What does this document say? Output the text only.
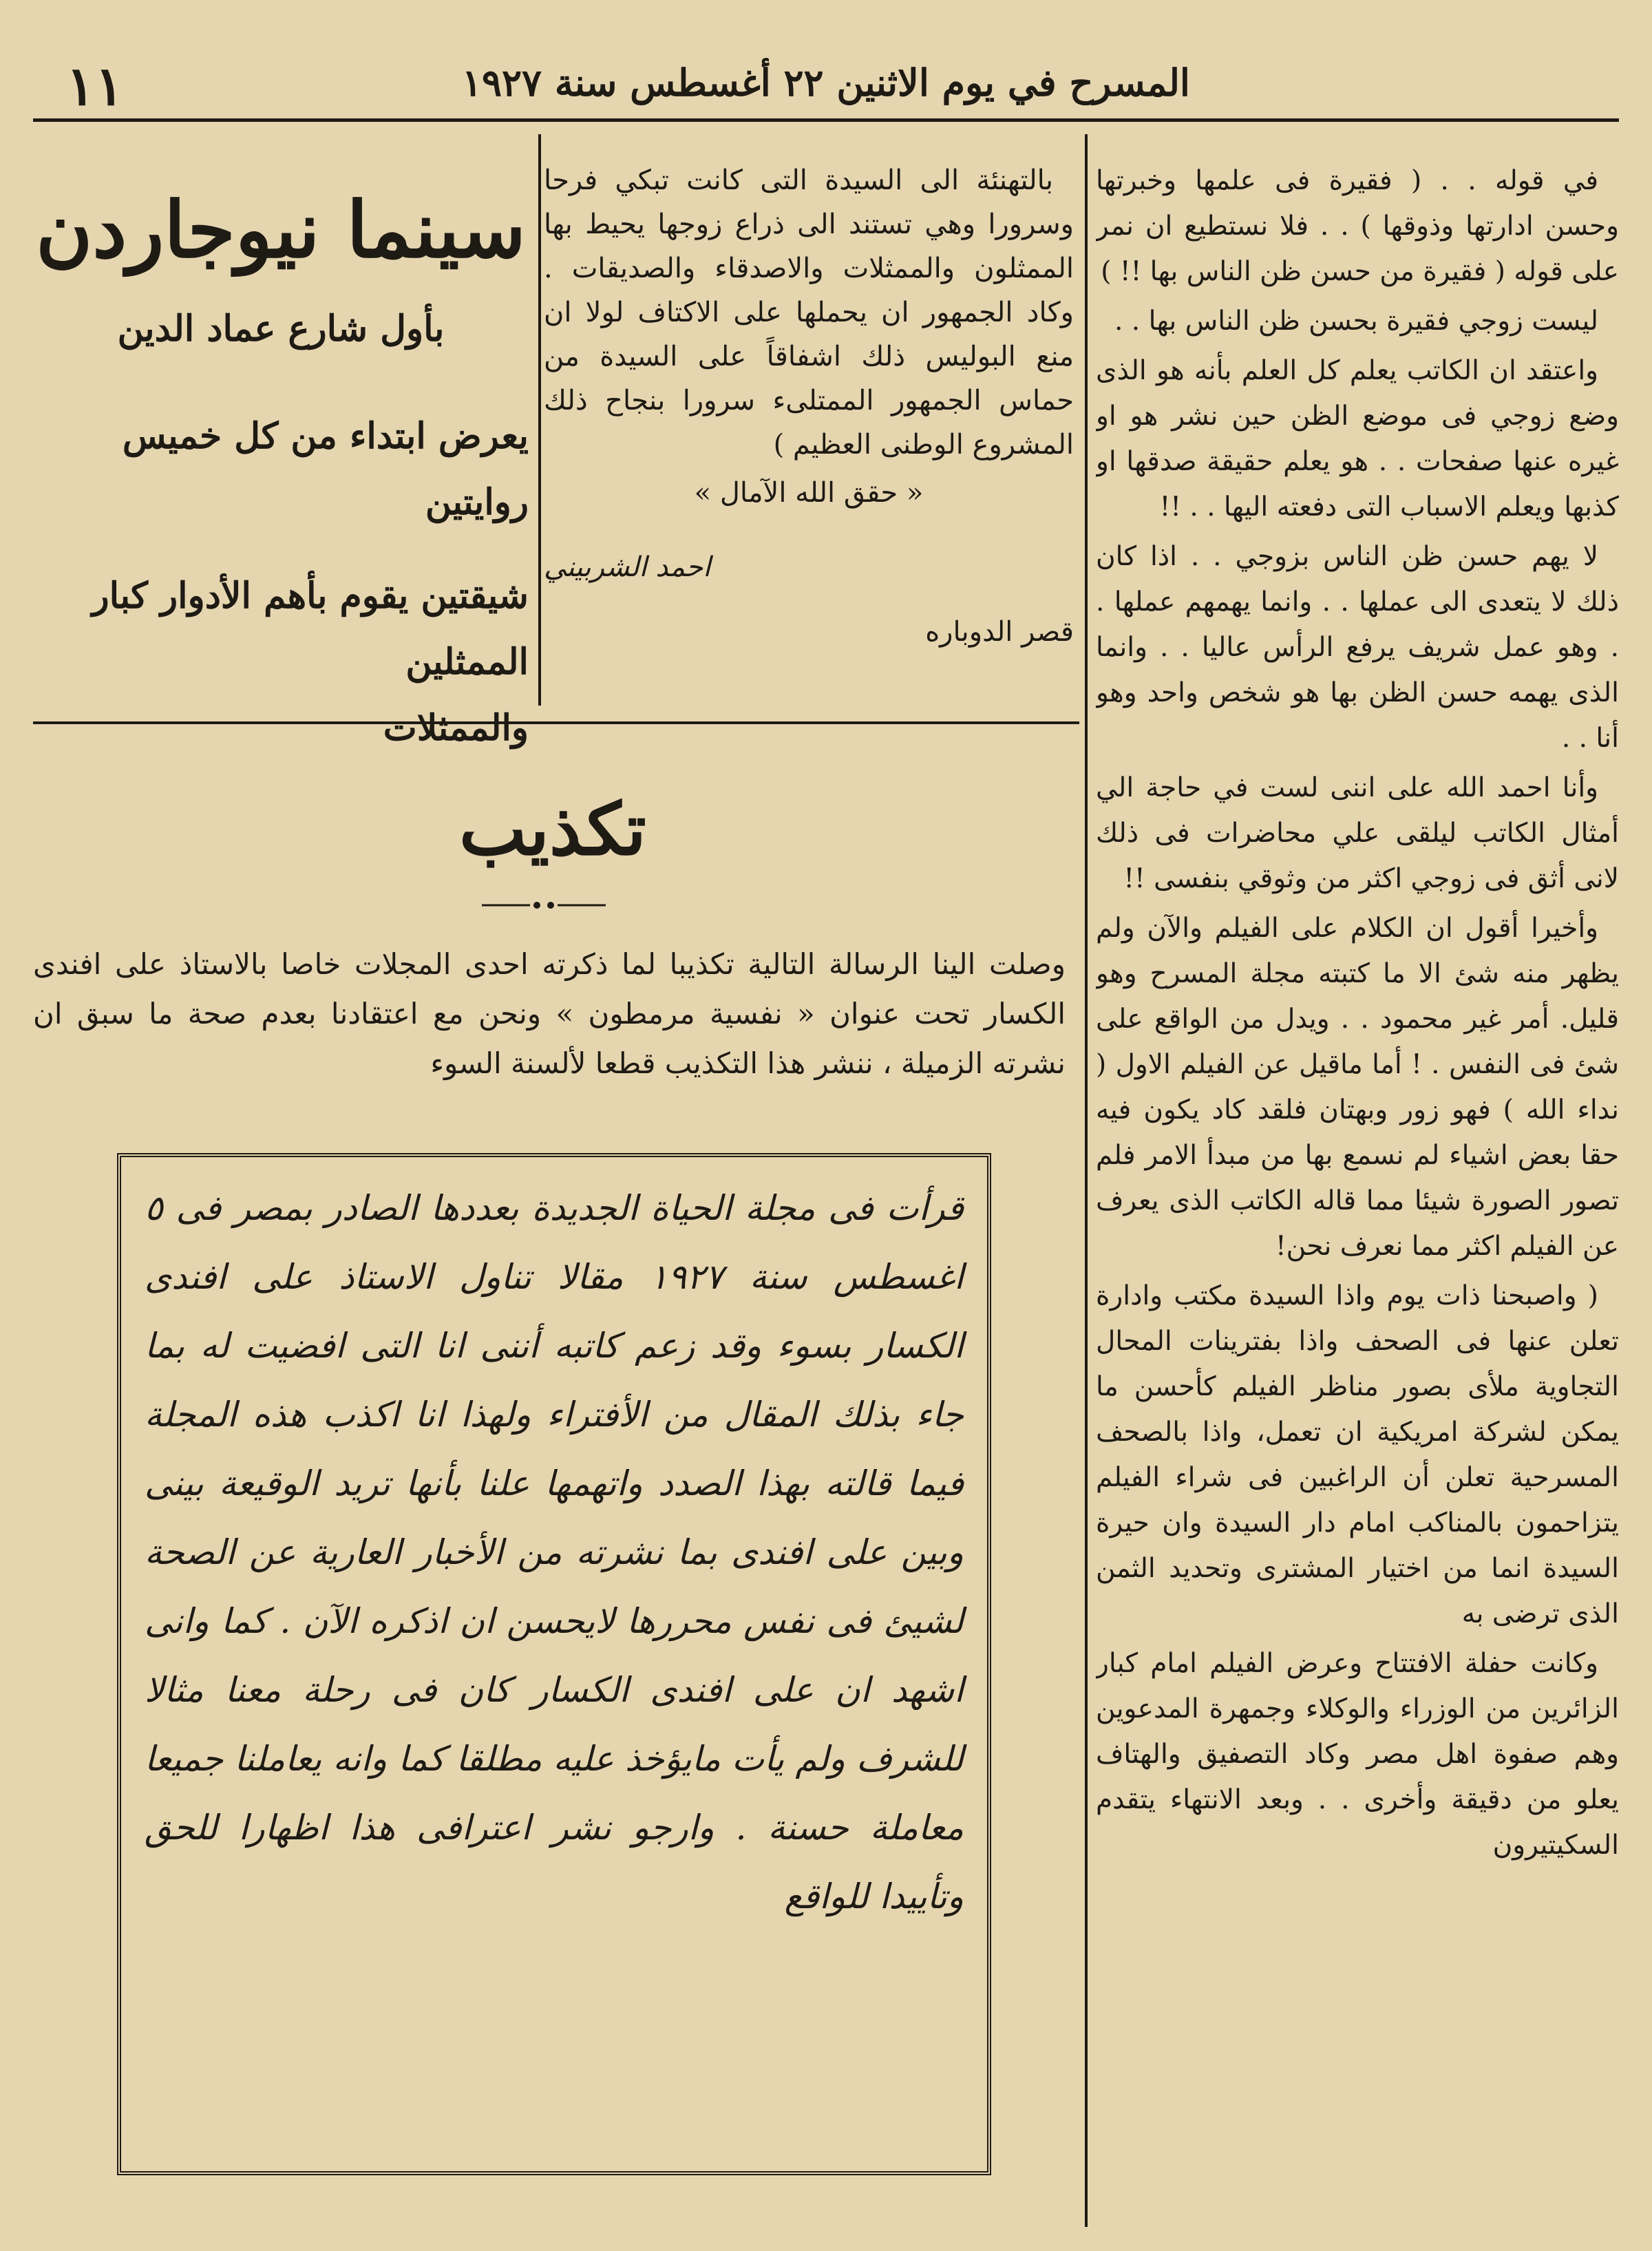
١١	المسرح في يوم الاثنين ٢٢ أغسطس سنة ١٩٢٧

في قوله . . ( فقيرة فى علمها وخبرتها وحسن ادارتها وذوقها ) . . فلا نستطيع ان نمر على قوله ( فقيرة من حسن ظن الناس بها !! )

ليست زوجي فقيرة بحسن ظن الناس بها . .

واعتقد ان الكاتب يعلم كل العلم بأنه هو الذى وضع زوجي فى موضع الظن حين نشر هو او غيره عنها صفحات . . هو يعلم حقيقة صدقها او كذبها ويعلم الاسباب التى دفعته اليها . . !!

لا يهم حسن ظن الناس بزوجي . . اذا كان ذلك لا يتعدى الى عملها . . وانما يهمهم عملها . . وهو عمل شريف يرفع الرأس عاليا . . وانما الذى يهمه حسن الظن بها هو شخص واحد وهو أنا . .

وأنا احمد الله على اننى لست في حاجة الي أمثال الكاتب ليلقى علي محاضرات فى ذلك لانى أثق فى زوجي اكثر من وثوقي بنفسى !!

وأخيرا أقول ان الكلام على الفيلم والآن ولم يظهر منه شئ الا ما كتبته مجلة المسرح وهو قليل. أمر غير محمود . . ويدل من الواقع على شئ فى النفس . ! أما ماقيل عن الفيلم الاول ( نداء الله ) فهو زور وبهتان فلقد كاد يكون فيه حقا بعض اشياء لم نسمع بها من مبدأ الامر فلم تصور الصورة شيئا مما قاله الكاتب الذى يعرف عن الفيلم اكثر مما نعرف نحن!

( واصبحنا ذات يوم واذا السيدة مكتب وادارة تعلن عنها فى الصحف واذا بفترينات المحال التجاوية ملأى بصور مناظر الفيلم كأحسن ما يمكن لشركة امريكية ان تعمل، واذا بالصحف المسرحية تعلن أن الراغبين فى شراء الفيلم يتزاحمون بالمناكب امام دار السيدة وان حيرة السيدة انما من اختيار المشترى وتحديد الثمن الذى ترضى به

وكانت حفلة الافتتاح وعرض الفيلم امام كبار الزائرين من الوزراء والوكلاء وجمهرة المدعوين وهم صفوة اهل مصر وكاد التصفيق والهتاف يعلو من دقيقة وأخرى . . وبعد الانتهاء يتقدم السكيتيرون

بالتهنئة الى السيدة التى كانت تبكي فرحا وسرورا وهي تستند الى ذراع زوجها يحيط بها الممثلون والممثلات والاصدقاء والصديقات . وكاد الجمهور ان يحملها على الاكتاف لولا ان منع البوليس ذلك اشفاقاً على السيدة من حماس الجمهور الممتلىء سرورا بنجاح ذلك المشروع الوطنى العظيم )

« حقق الله الآمال »
احمد الشربيني
قصر الدوباره
سينما نيوجاردن
بأول شارع عماد الدين
يعرض ابتداء من كل خميس روايتين
شيقتين يقوم بأهم الأدوار كبار الممثلين
والممثلات
تكذيب
وصلت الينا الرسالة التالية تكذيبا لما ذكرته احدى المجلات خاصا بالاستاذ على افندى الكسار تحت عنوان « نفسية مرمطون » ونحن مع اعتقادنا بعدم صحة ما سبق ان نشرته الزميلة ، ننشر هذا التكذيب قطعا لألسنة السوء

قرأت فى مجلة الحياة الجديدة بعددها الصادر بمصر فى ٥ اغسطس سنة ١٩٢٧ مقالا تناول الاستاذ على افندى الكسار بسوء وقد زعم كاتبه أننى انا التى افضيت له بما جاء بذلك المقال من الأفتراء ولهذا انا اكذب هذه المجلة فيما قالته بهذا الصدد واتهمها علنا بأنها تريد الوقيعة بينى وبين على افندى بما نشرته من الأخبار العارية عن الصحة لشيئ فى نفس محررها لايحسن ان اذكره الآن . كما وانى اشهد ان على افندى الكسار كان فى رحلة معنا مثالا للشرف ولم يأت مايؤخذ عليه مطلقا كما وانه يعاملنا جميعا معاملة حسنة . وارجو نشر اعترافى هذا اظهارا للحق وتأييدا للواقع
